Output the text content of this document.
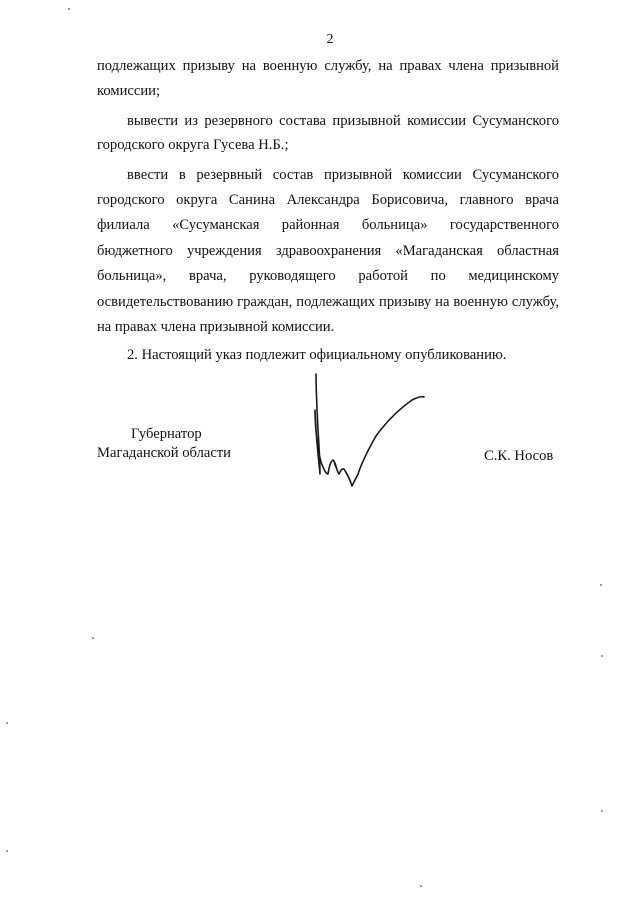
2
подлежащих призыву на военную службу, на правах члена призывной
комиссии;
вывести из резервного состава призывной комиссии Сусуманского
городского округа Гусева Н.Б.;
ввести в резервный состав призывной комиссии Сусуманского
городского округа Санина Александра Борисовича, главного врача
филиала «Сусуманская районная больница» государственного
бюджетного учреждения здравоохранения «Магаданская областная
больница», врача, руководящего работой по медицинскому
освидетельствованию граждан, подлежащих призыву на военную службу,
на правах члена призывной комиссии.
2. Настоящий указ подлежит официальному опубликованию.
Губернатор
Магаданской области	С.К. Носов
